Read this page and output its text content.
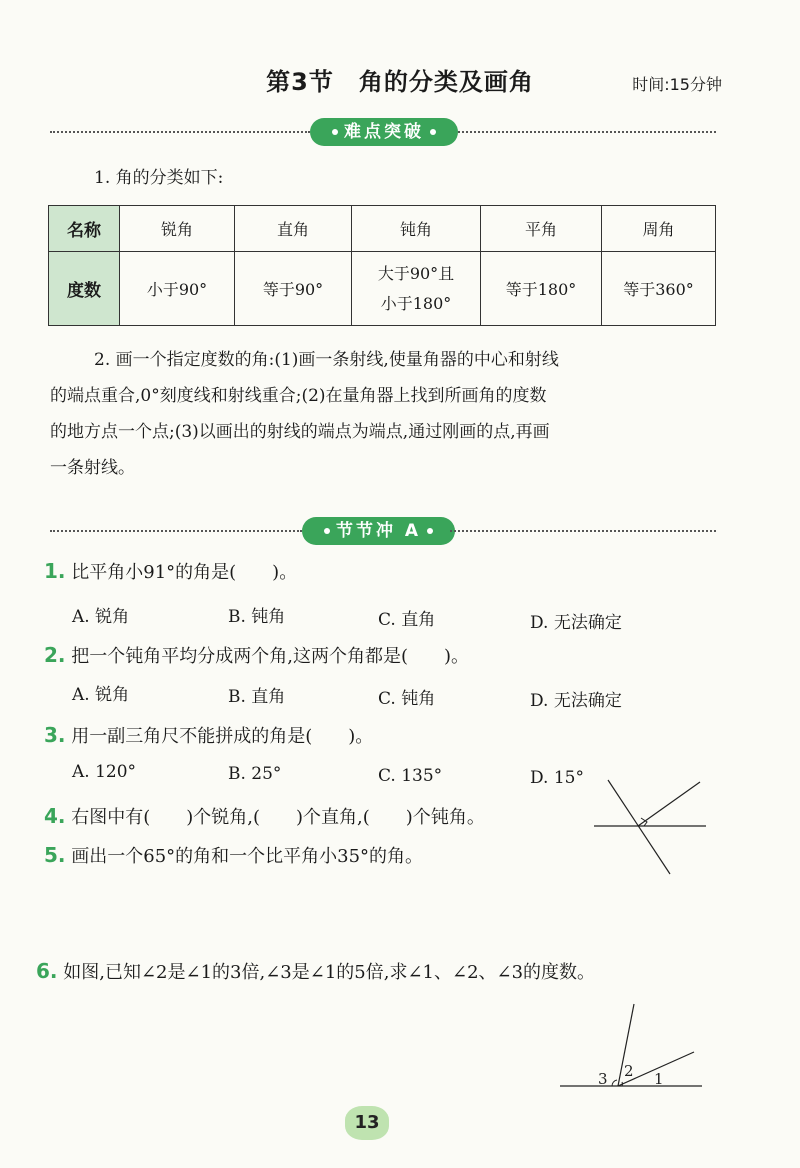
第3节　角的分类及画角	时间:15分钟
难点突破
1. 角的分类如下:
名称	锐角	直角	钝角	平角	周角
度数	小于90°	等于90°	大于90°且
小于180°	等于180°	等于360°
2. 画一个指定度数的角:(1)画一条射线,使量角器的中心和射线
的端点重合,0°刻度线和射线重合;(2)在量角器上找到所画角的度数
的地方点一个点;(3)以画出的射线的端点为端点,通过刚画的点,再画
一条射线。
节节冲 A
1. 比平角小91°的角是(　　)。
A. 锐角	B. 钝角	C. 直角	D. 无法确定
2. 把一个钝角平均分成两个角,这两个角都是(　　)。
A. 锐角	B. 直角	C. 钝角	D. 无法确定
3. 用一副三角尺不能拼成的角是(　　)。
A. 120°	B. 25°	C. 135°	D. 15°
4. 右图中有(　　)个锐角,(　　)个直角,(　　)个钝角。
5. 画出一个65°的角和一个比平角小35°的角。
6. 如图,已知∠2是∠1的3倍,∠3是∠1的5倍,求∠1、∠2、∠3的度数。
3 2 1
13
